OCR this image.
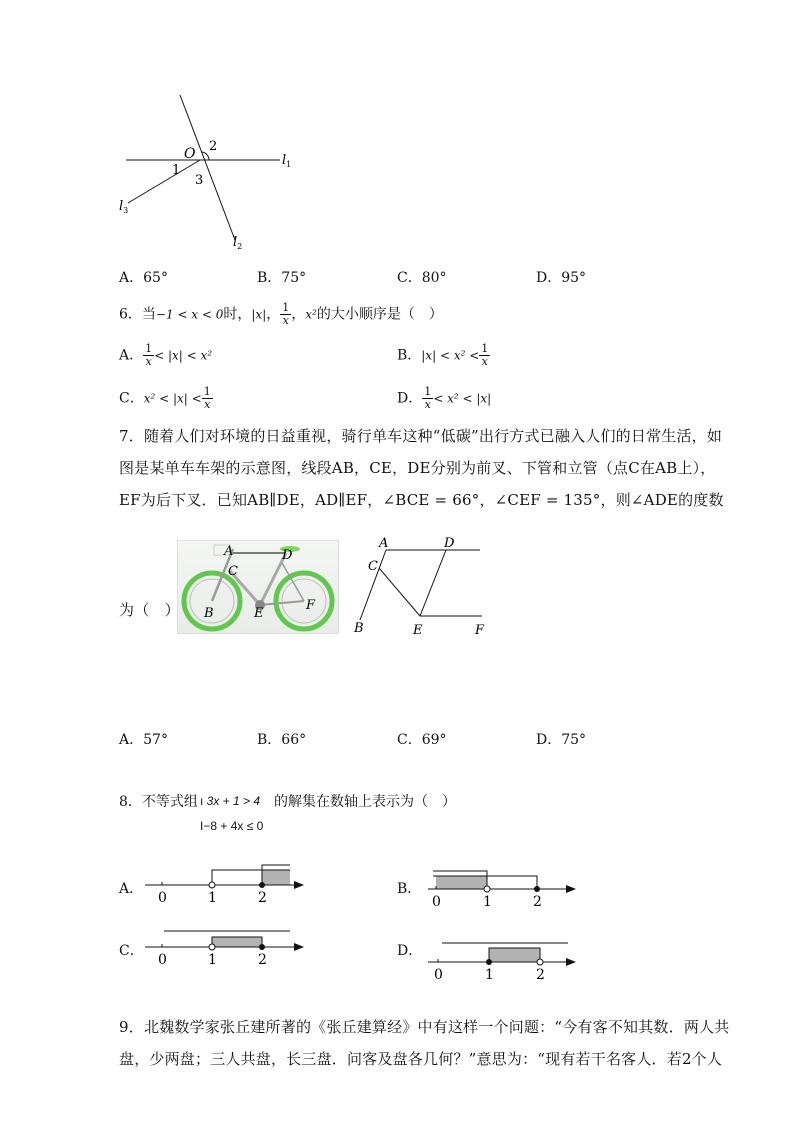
O 2
1
3
$l_1$
$l_2$
$l_3$
A．65°	B．75°	C．80°	D．95°
6．当−1 < x < 0时，|x|， $\frac{1}{x}$ ，x²的大小顺序是（　）
A． $\frac{1}{x} < |x| < x^2$	B．$|x| < x^2 < \frac{1}{x}$
C．$x^2 < |x| < \frac{1}{x}$	D． $\frac{1}{x} < x^2 < |x|$
7．随着人们对环境的日益重视，骑行单车这种“低碳”出行方式已融入人们的日常生活，如
图是某单车车架的示意图，线段AB，CE，DE分别为前叉、下管和立管（点C在AB上），
EF为后下叉．已知AB∥DE，AD∥EF，∠BCE = 66°，∠CEF = 135°，则∠ADE的度数
A	D
C
B	E
F
A	D
C
B	E	F
为（　）
A．57°	B．66°	C．69°	D．75°
8．不等式组 ı 3x + 1 > 4
I−8 + 4x ≤ 0
的解集在数轴上表示为（　）
A．
0	1	2
B．
0	1	2
C．
0	1	2
D．
0	1	2
9．北魏数学家张丘建所著的《张丘建算经》中有这样一个问题：“今有客不知其数．两人共
盘，少两盘；三人共盘，长三盘．问客及盘各几何？”意思为：“现有若干名客人．若2个人
